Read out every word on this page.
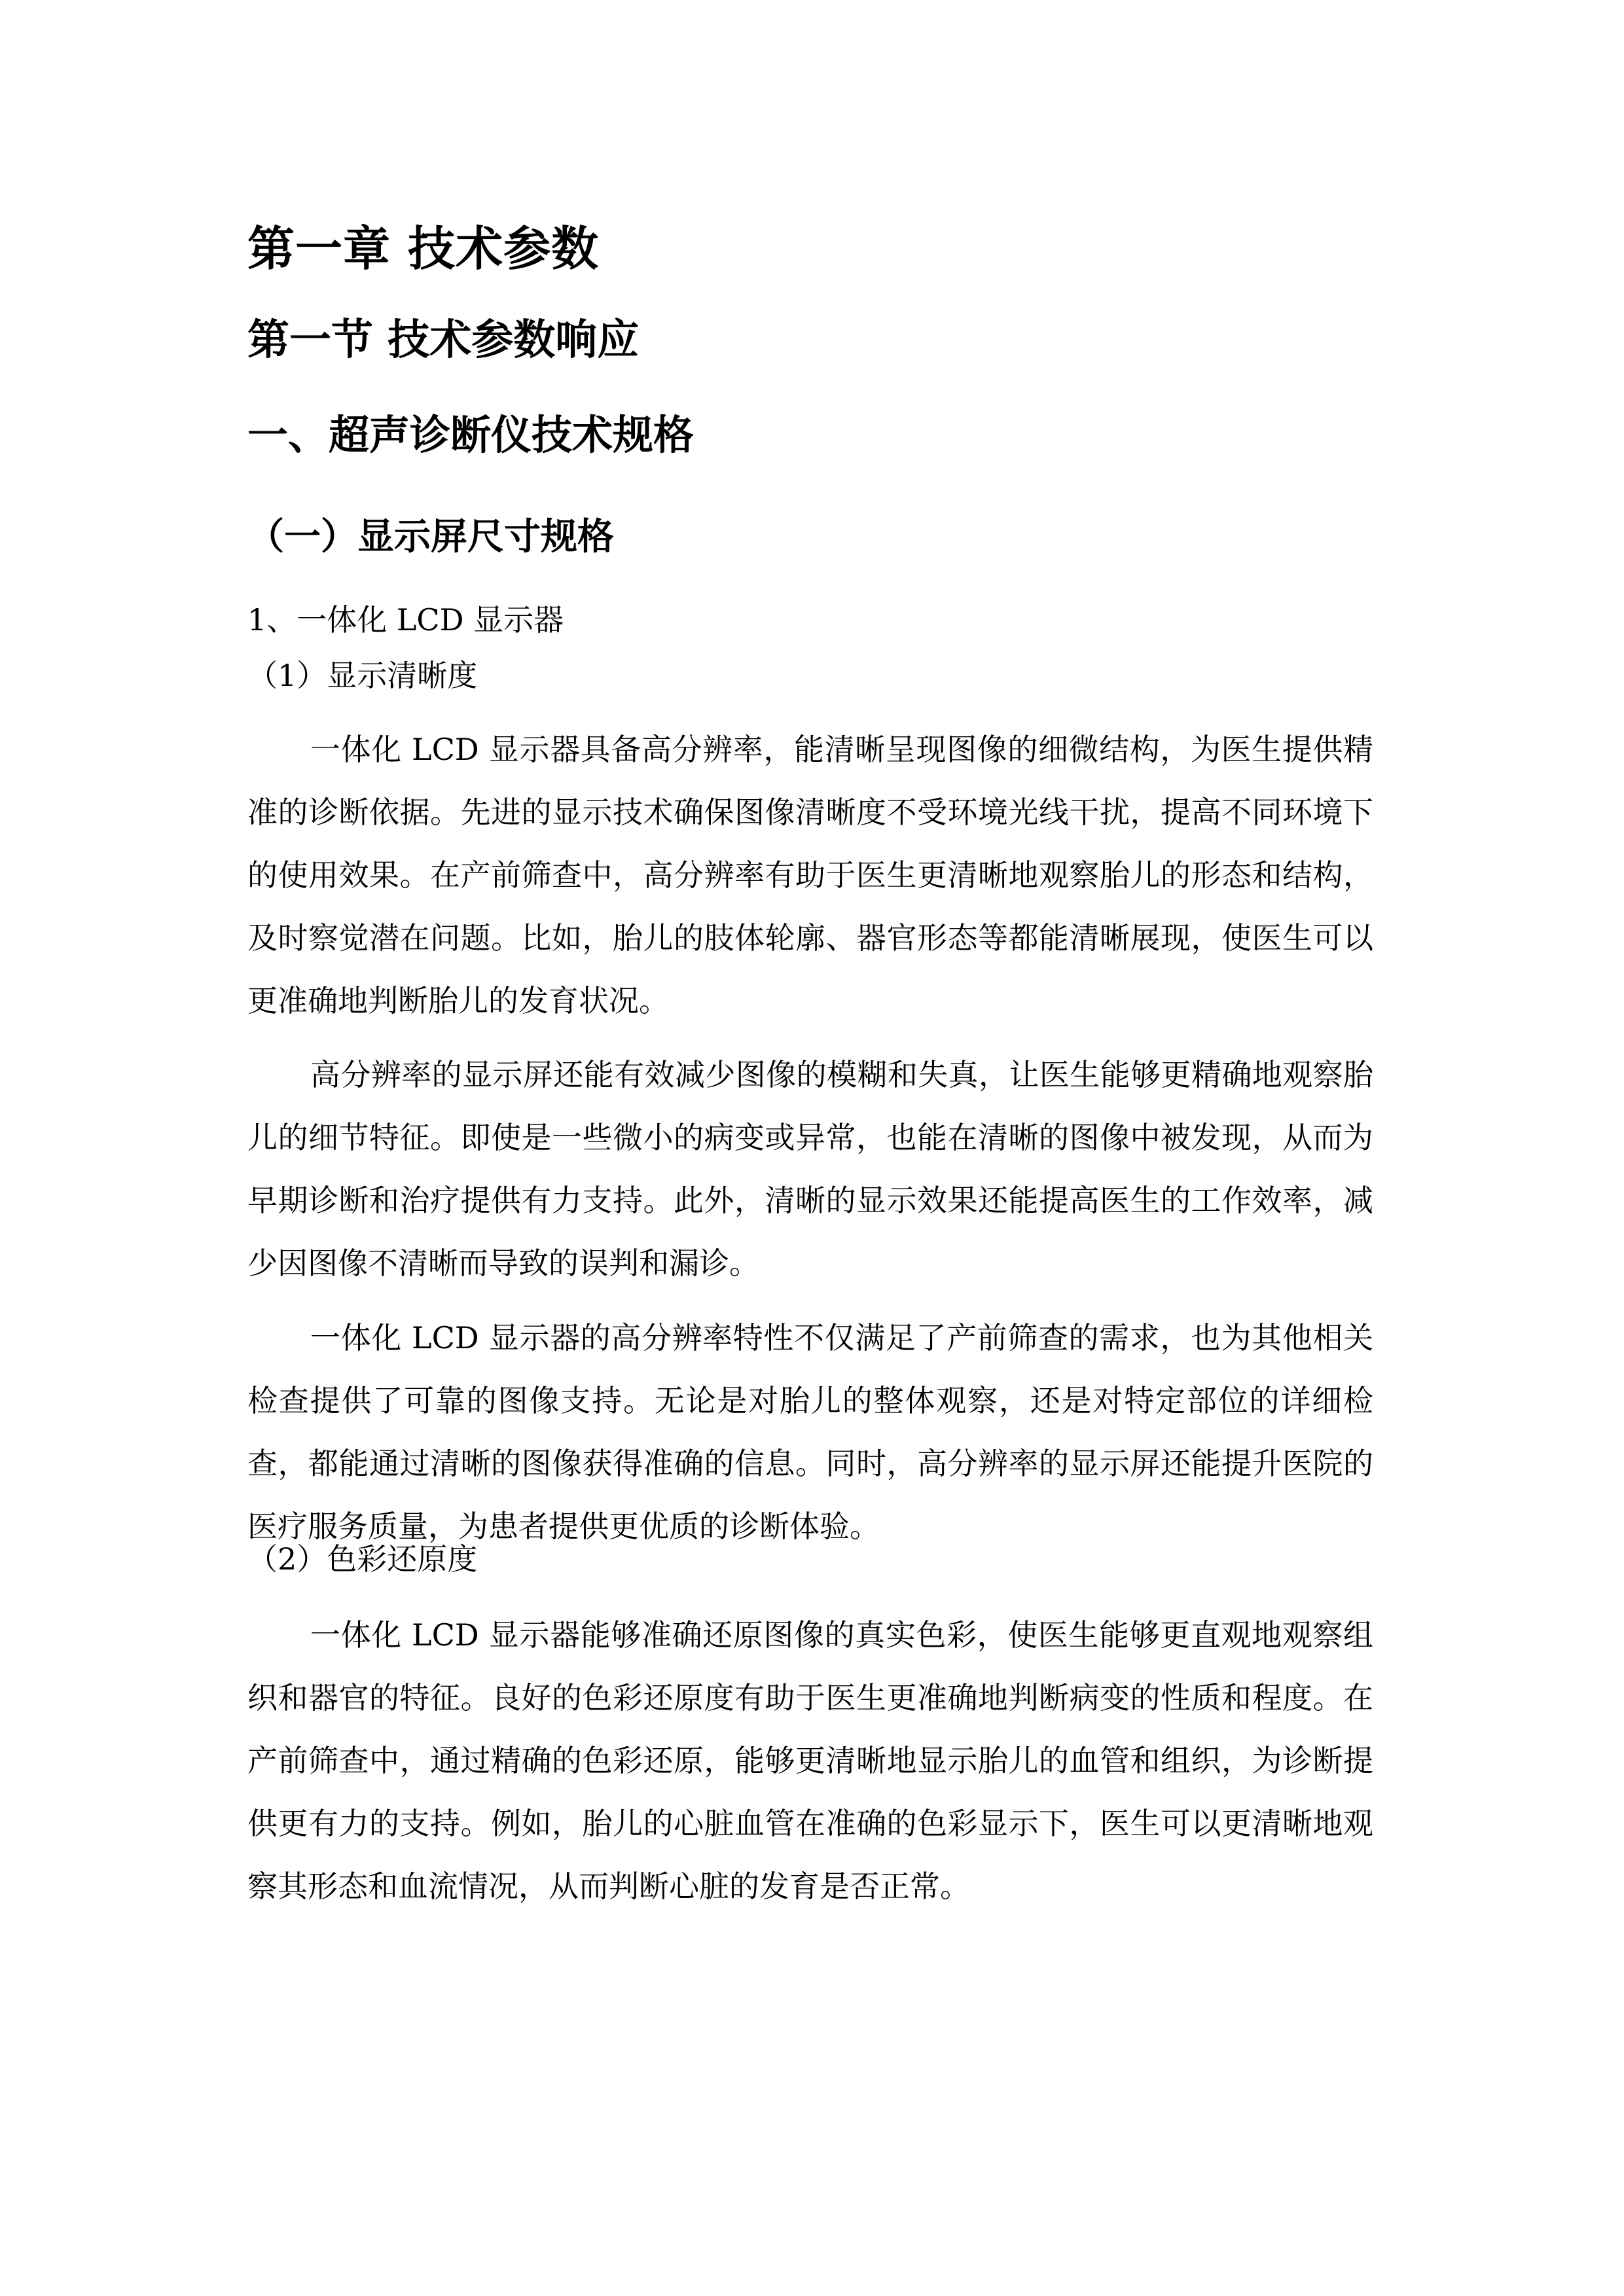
第一章 技术参数
第一节 技术参数响应
一、超声诊断仪技术规格
（一）显示屏尺寸规格
1、一体化 LCD 显示器
（1）显示清晰度

一体化 LCD 显示器具备高分辨率，能清晰呈现图像的细微结构，为医生提供精准的诊断依据。先进的显示技术确保图像清晰度不受环境光线干扰，提高不同环境下的使用效果。在产前筛查中，高分辨率有助于医生更清晰地观察胎儿的形态和结构，及时察觉潜在问题。比如，胎儿的肢体轮廓、器官形态等都能清晰展现，使医生可以更准确地判断胎儿的发育状况。

高分辨率的显示屏还能有效减少图像的模糊和失真，让医生能够更精确地观察胎儿的细节特征。即使是一些微小的病变或异常，也能在清晰的图像中被发现，从而为早期诊断和治疗提供有力支持。此外，清晰的显示效果还能提高医生的工作效率，减少因图像不清晰而导致的误判和漏诊。

一体化 LCD 显示器的高分辨率特性不仅满足了产前筛查的需求，也为其他相关检查提供了可靠的图像支持。无论是对胎儿的整体观察，还是对特定部位的详细检查，都能通过清晰的图像获得准确的信息。同时，高分辨率的显示屏还能提升医院的医疗服务质量，为患者提供更优质的诊断体验。

（2）色彩还原度

一体化 LCD 显示器能够准确还原图像的真实色彩，使医生能够更直观地观察组织和器官的特征。良好的色彩还原度有助于医生更准确地判断病变的性质和程度。在产前筛查中，通过精确的色彩还原，能够更清晰地显示胎儿的血管和组织，为诊断提供更有力的支持。例如，胎儿的心脏血管在准确的色彩显示下，医生可以更清晰地观察其形态和血流情况，从而判断心脏的发育是否正常。
